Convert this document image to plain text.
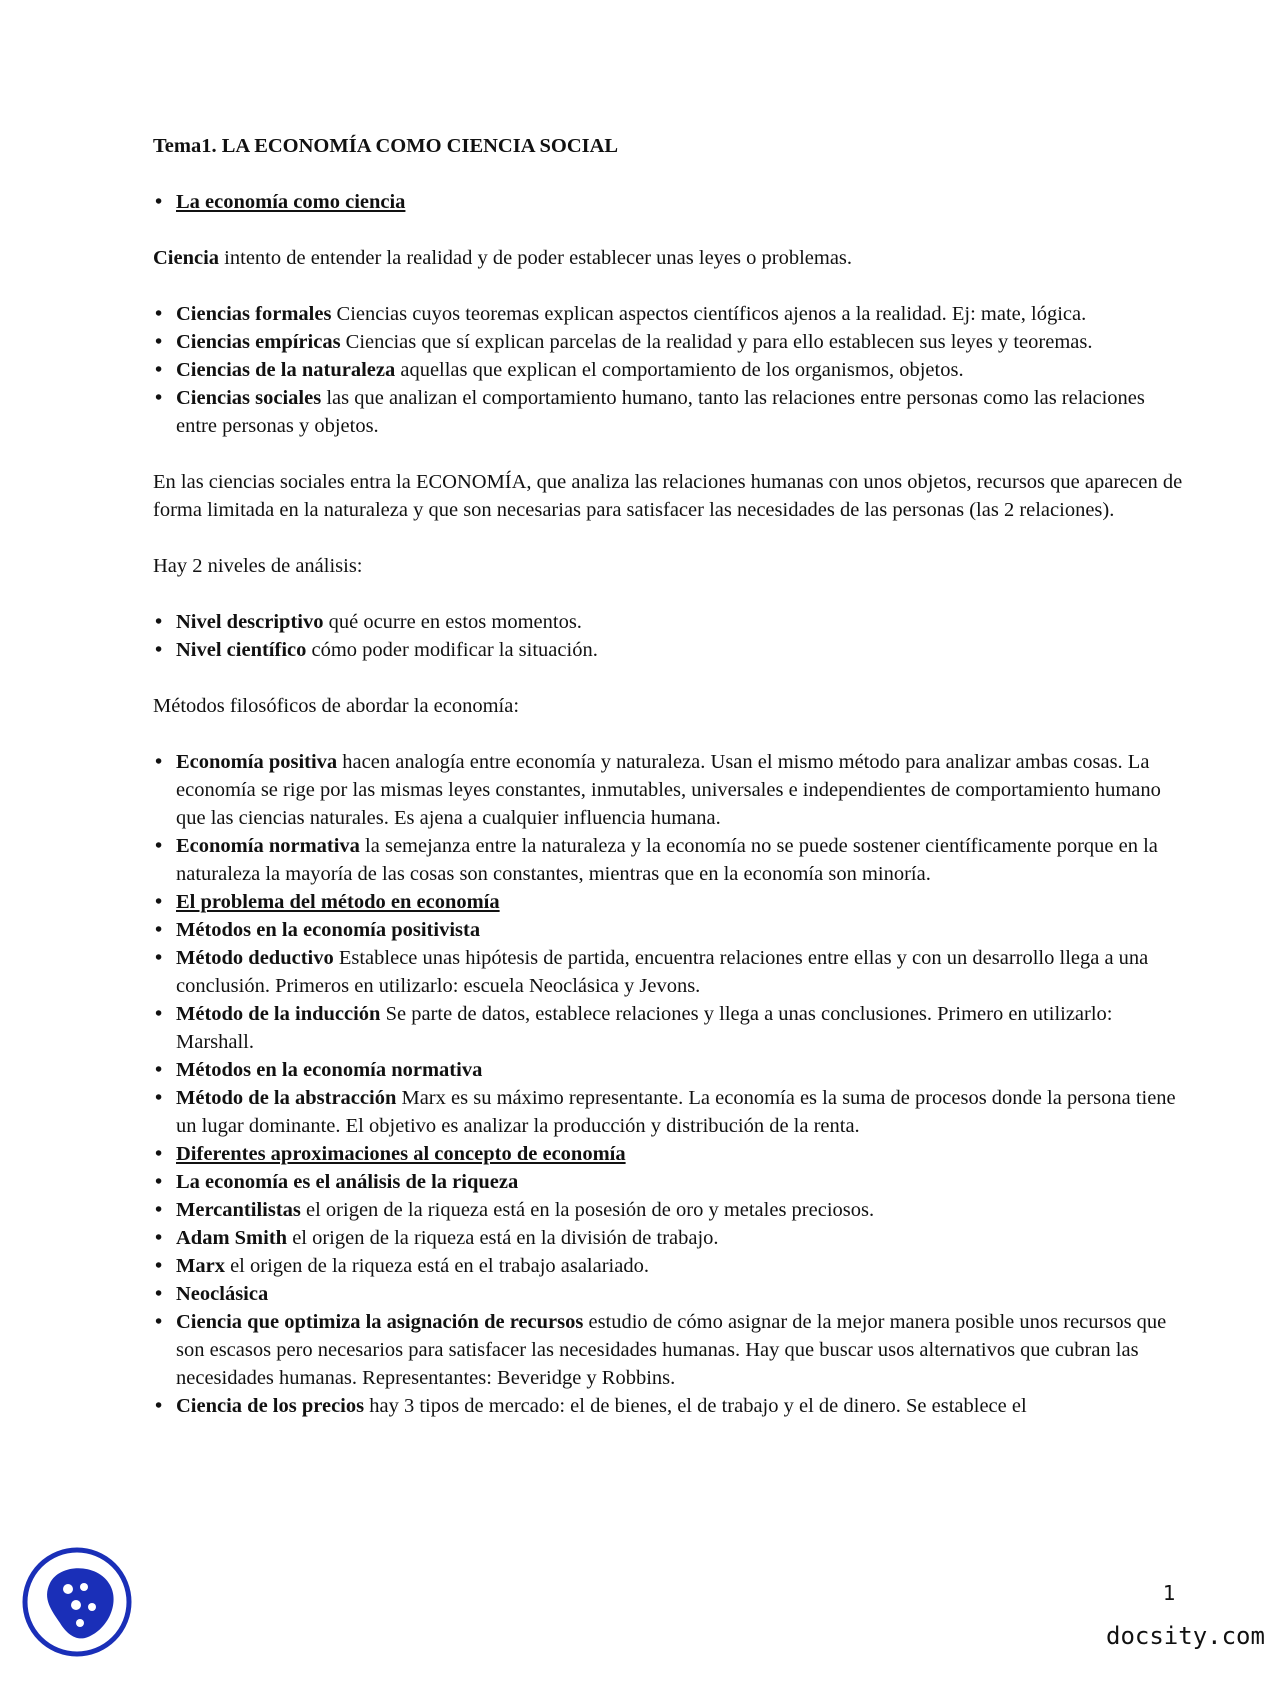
Tema1. LA ECONOMÍA COMO CIENCIA SOCIAL
• La economía como ciencia

Ciencia intento de entender la realidad y de poder establecer unas leyes o problemas.

• Ciencias formales Ciencias cuyos teoremas explican aspectos científicos ajenos a la realidad. Ej: mate, lógica.
• Ciencias empíricas Ciencias que sí explican parcelas de la realidad y para ello establecen sus leyes y teoremas.
• Ciencias de la naturaleza aquellas que explican el comportamiento de los organismos, objetos.
• Ciencias sociales las que analizan el comportamiento humano, tanto las relaciones entre personas como las relaciones entre personas y objetos.

En las ciencias sociales entra la ECONOMÍA, que analiza las relaciones humanas con unos objetos, recursos que aparecen de forma limitada en la naturaleza y que son necesarias para satisfacer las necesidades de las personas (las 2 relaciones).

Hay 2 niveles de análisis:

• Nivel descriptivo qué ocurre en estos momentos.
• Nivel científico cómo poder modificar la situación.

Métodos filosóficos de abordar la economía:

• Economía positiva hacen analogía entre economía y naturaleza. Usan el mismo método para analizar ambas cosas. La economía se rige por las mismas leyes constantes, inmutables, universales e independientes de comportamiento humano que las ciencias naturales. Es ajena a cualquier influencia humana.
• Economía normativa la semejanza entre la naturaleza y la economía no se puede sostener científicamente porque en la naturaleza la mayoría de las cosas son constantes, mientras que en la economía son minoría.
• El problema del método en economía
• Métodos en la economía positivista
• Método deductivo Establece unas hipótesis de partida, encuentra relaciones entre ellas y con un desarrollo llega a una conclusión. Primeros en utilizarlo: escuela Neoclásica y Jevons.
• Método de la inducción Se parte de datos, establece relaciones y llega a unas conclusiones. Primero en utilizarlo: Marshall.
• Métodos en la economía normativa
• Método de la abstracción Marx es su máximo representante. La economía es la suma de procesos donde la persona tiene un lugar dominante. El objetivo es analizar la producción y distribución de la renta.
• Diferentes aproximaciones al concepto de economía
• La economía es el análisis de la riqueza
• Mercantilistas el origen de la riqueza está en la posesión de oro y metales preciosos.
• Adam Smith el origen de la riqueza está en la división de trabajo.
• Marx el origen de la riqueza está en el trabajo asalariado.
• Neoclásica
• Ciencia que optimiza la asignación de recursos estudio de cómo asignar de la mejor manera posible unos recursos que son escasos pero necesarios para satisfacer las necesidades humanas. Hay que buscar usos alternativos que cubran las necesidades humanas. Representantes: Beveridge y Robbins.
• Ciencia de los precios hay 3 tipos de mercado: el de bienes, el de trabajo y el de dinero. Se establece el
1
docsity.com
